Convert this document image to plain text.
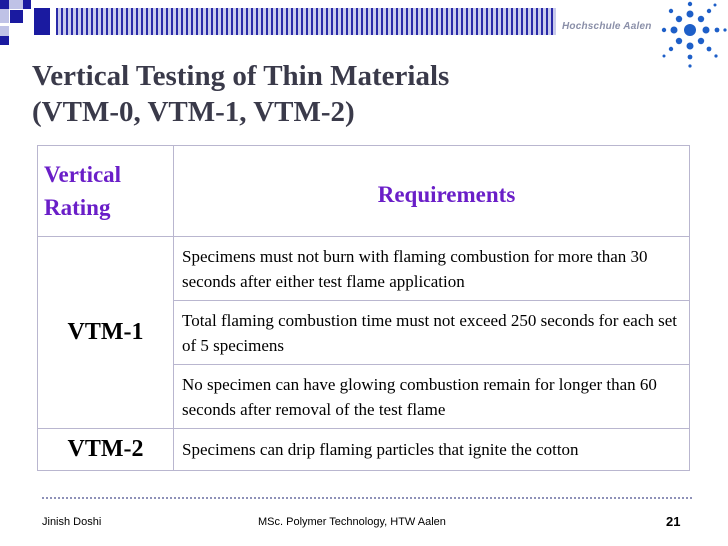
Hochschule Aalen
Vertical Testing of Thin Materials
(VTM-0, VTM-1, VTM-2)
Vertical
Rating	Requirements
VTM-1	Specimens must not burn with flaming combustion for more than 30 seconds after either test flame application
	Total flaming combustion time must not exceed 250 seconds for each set of 5 specimens
	No specimen can have glowing combustion remain for longer than 60 seconds after removal of the test flame
VTM-2	Specimens can drip flaming particles that ignite the cotton
Jinish Doshi	MSc. Polymer Technology, HTW Aalen	21
